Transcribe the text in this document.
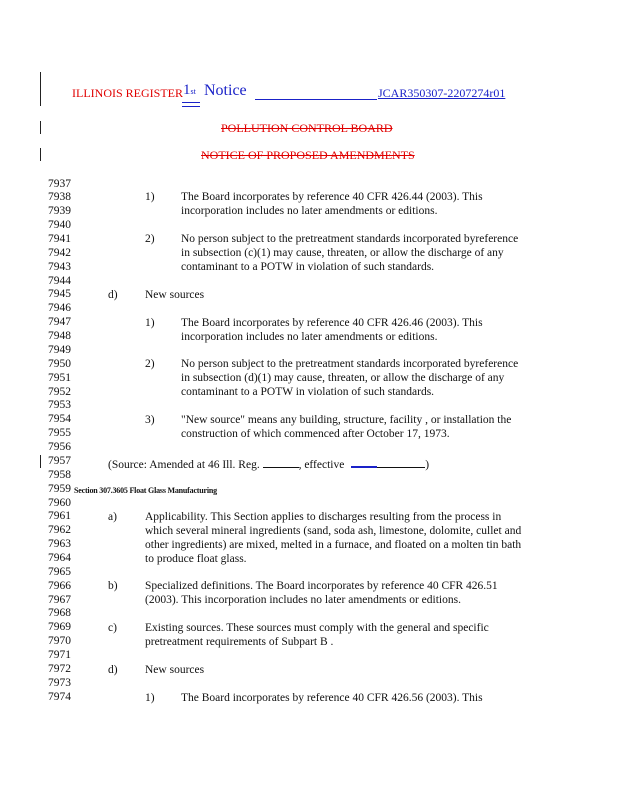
ILLINOIS REGISTER 1st Notice	JCAR350307-2207274r01
POLLUTION CONTROL BOARD
NOTICE OF PROPOSED AMENDMENTS
7937
7938
7939
7940
7941
7942
7943
7944
7945
7946
7947
7948
7949
7950
7951
7952
7953
7954
7955
7956
7957
7958
7959
7960
7961
7962
7963
7964
7965
7966
7967
7968
7969
7970
7971
7972
7973
7974
1) The Board incorporates by reference 40 CFR 426.44 (2003). This
incorporation includes no later amendments or editions.
2) No person subject to the pretreatment standards incorporated byreference
in subsection (c)(1) may cause, threaten, or allow the discharge of any
contaminant to a POTW in violation of such standards.
d) New sources
1) The Board incorporates by reference 40 CFR 426.46 (2003). This
incorporation includes no later amendments or editions.
2) No person subject to the pretreatment standards incorporated byreference
in subsection (d)(1) may cause, threaten, or allow the discharge of any
contaminant to a POTW in violation of such standards.
3) "New source" means any building, structure, facility , or installation the
construction of which commenced after October 17, 1973.
(Source: Amended at 46 Ill. Reg.	, effective	)
Section 307.3605 Float Glass Manufacturing
a) Applicability. This Section applies to discharges resulting from the process in
which several mineral ingredients (sand, soda ash, limestone, dolomite, cullet and
other ingredients) are mixed, melted in a furnace, and floated on a molten tin bath
to produce float glass.
b) Specialized definitions. The Board incorporates by reference 40 CFR 426.51
(2003). This incorporation includes no later amendments or editions.
c) Existing sources. These sources must comply with the general and specific
pretreatment requirements of Subpart B .
d) New sources
1) The Board incorporates by reference 40 CFR 426.56 (2003). This
